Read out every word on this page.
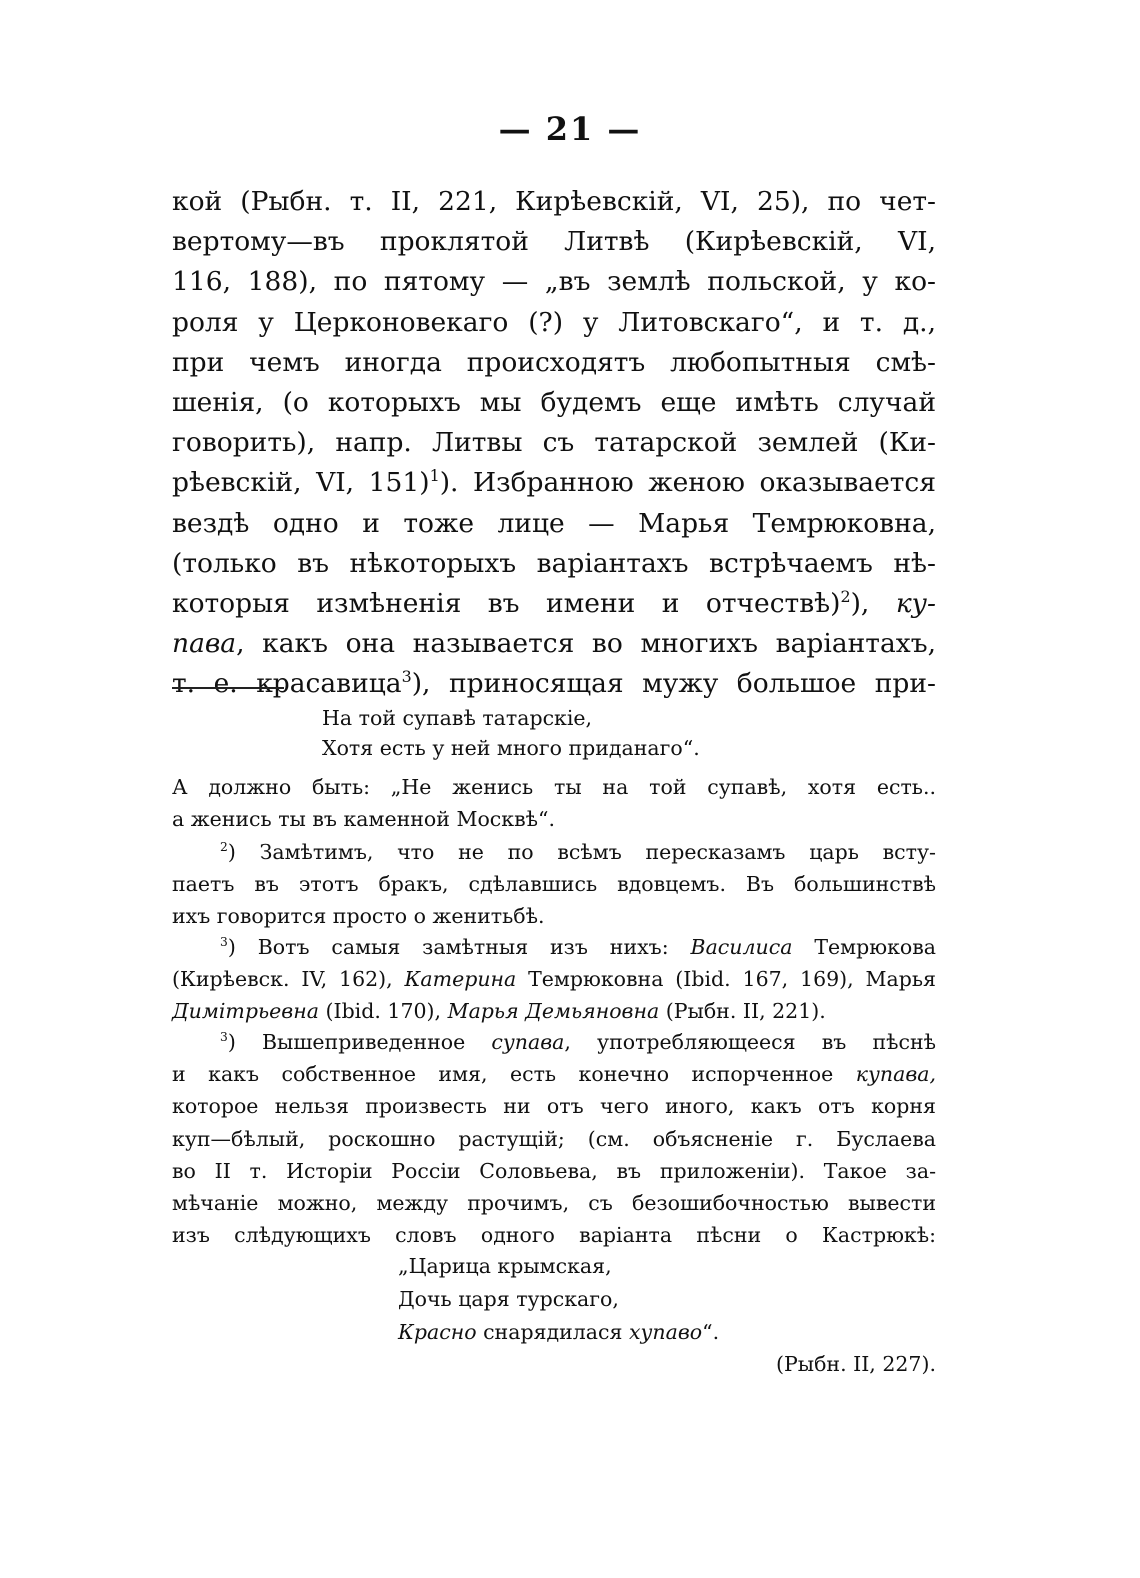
— 21 —
кой (Рыбн. т. II, 221, Кирѣевскій, VI, 25), по чет-
вертому—въ проклятой Литвѣ (Кирѣевскій, VI,
116, 188), по пятому — „въ землѣ польской, у ко-
роля у Церконовекаго (?) у Литовскаго“, и т. д.,
при чемъ иногда происходятъ любопытныя смѣ-
шенія, (о которыхъ мы будемъ еще имѣть случай
говорить), напр. Литвы съ татарской землей (Ки-
рѣевскій, VI, 151)$^1$). Избранною женою оказывается
вездѣ одно и тоже лице — Марья Темрюковна,
(только въ нѣкоторыхъ варіантахъ встрѣчаемъ нѣ-
которыя измѣненія въ имени и отчествѣ)$^2$), ку-
пава, какъ она называется во многихъ варіантахъ,
т. е. красавица$^3$), приносящая мужу большое при-
На той супавѣ татарскіе,
Хотя есть у ней много приданаго“.
А должно быть: „Не женись ты на той супавѣ, хотя есть..
а женись ты въ каменной Москвѣ“.
$^2$) Замѣтимъ, что не по всѣмъ пересказамъ царь всту-
паетъ въ этотъ бракъ, сдѣлавшись вдовцемъ. Въ большинствѣ
ихъ говорится просто о женитьбѣ.
$^3$) Вотъ самыя замѣтныя изъ нихъ: Василиса Темрюкова
(Кирѣевск. IV, 162), Катерина Темрюковна (Ibid. 167, 169), Марья
Димітрьевна (Ibid. 170), Марья Демьяновна (Рыбн. II, 221).
$^3$) Вышеприведенное супава, употребляющееся въ пѣснѣ
и какъ собственное имя, есть конечно испорченное купава,
которое нельзя произвесть ни отъ чего иного, какъ отъ корня
куп—бѣлый, роскошно растущій; (см. объясненіе г. Буслаева
во II т. Исторіи Россіи Соловьева, въ приложеніи). Такое за-
мѣчаніе можно, между прочимъ, съ безошибочностью вывести
изъ слѣдующихъ словъ одного варіанта пѣсни о Кастрюкѣ:
„Царица крымская,
Дочь царя турскаго,
Красно снарядилася хупаво“.
(Рыбн. II, 227).
